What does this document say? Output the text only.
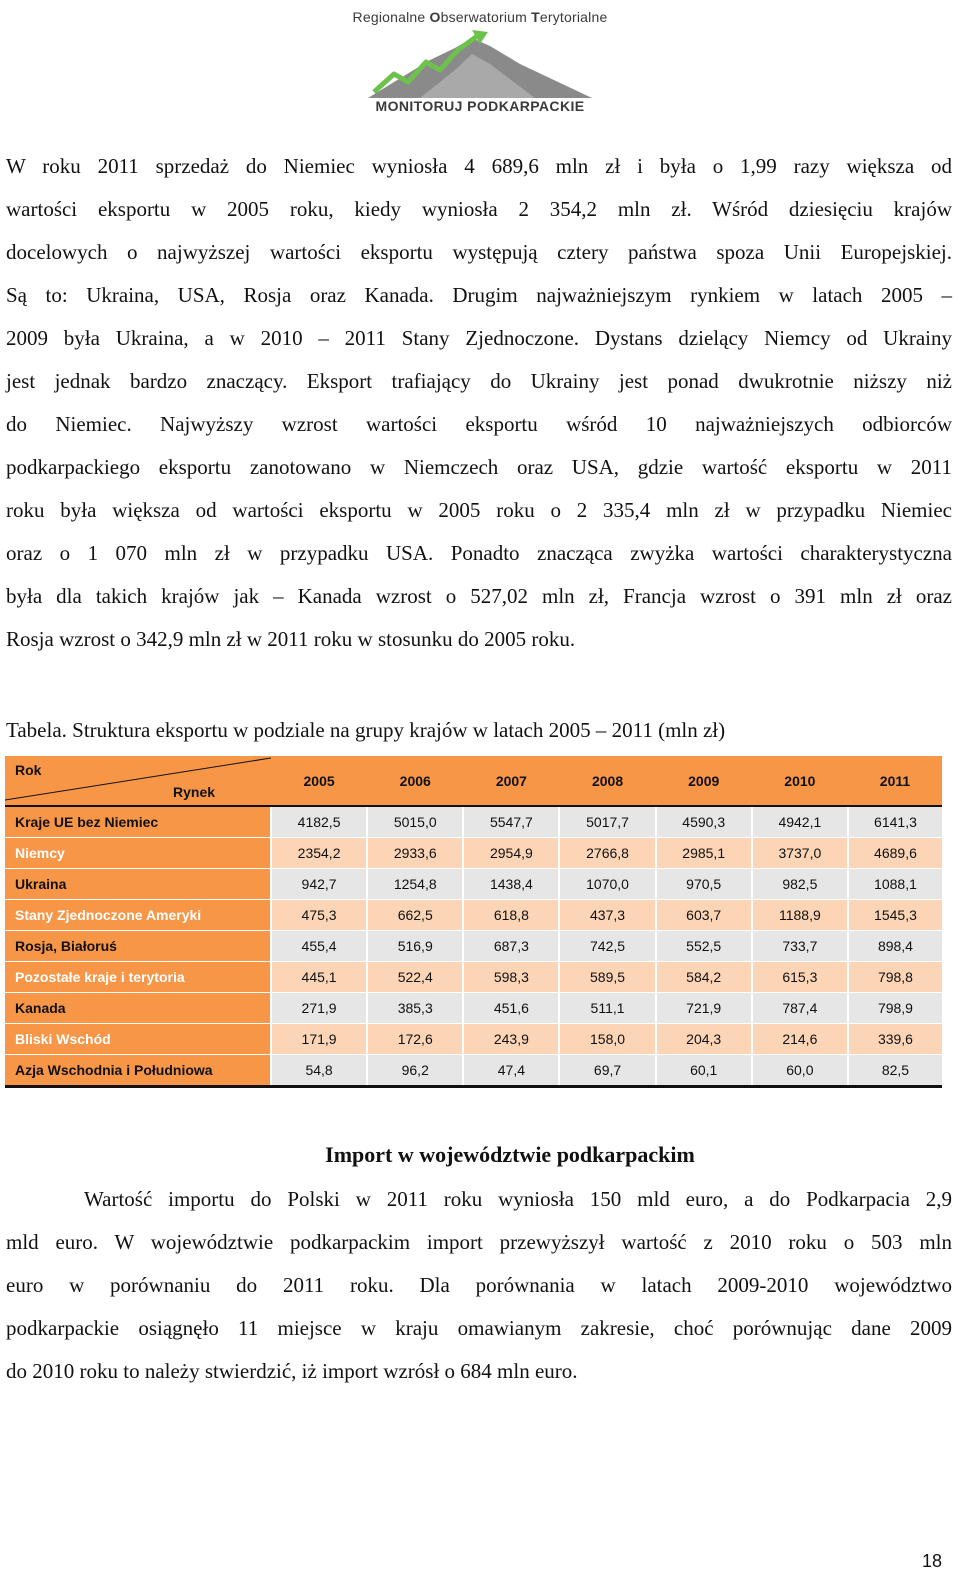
Regionalne Obserwatorium Terytorialne
MONITORUJ PODKARPACKIE
W roku 2011 sprzedaż do Niemiec wyniosła 4 689,6 mln zł i była o 1,99 razy większa od
wartości eksportu w 2005 roku, kiedy wyniosła 2 354,2 mln zł. Wśród dziesięciu krajów
docelowych o najwyższej wartości eksportu występują cztery państwa spoza Unii Europejskiej.
Są to: Ukraina, USA, Rosja oraz Kanada. Drugim najważniejszym rynkiem w latach 2005 –
2009 była Ukraina, a w 2010 – 2011 Stany Zjednoczone. Dystans dzielący Niemcy od Ukrainy
jest jednak bardzo znaczący. Eksport trafiający do Ukrainy jest ponad dwukrotnie niższy niż
do Niemiec. Najwyższy wzrost wartości eksportu wśród 10 najważniejszych odbiorców
podkarpackiego eksportu zanotowano w Niemczech oraz USA, gdzie wartość eksportu w 2011
roku była większa od wartości eksportu w 2005 roku o 2 335,4 mln zł w przypadku Niemiec
oraz o 1 070 mln zł w przypadku USA. Ponadto znacząca zwyżka wartości charakterystyczna
była dla takich krajów jak – Kanada wzrost o 527,02 mln zł, Francja wzrost o 391 mln zł oraz
Rosja wzrost o 342,9 mln zł w 2011 roku w stosunku do 2005 roku.
Tabela. Struktura eksportu w podziale na grupy krajów w latach 2005 – 2011 (mln zł)
Rok
Rynek	2005	2006	2007	2008	2009	2010	2011
Kraje UE bez Niemiec	4182,5	5015,0	5547,7	5017,7	4590,3	4942,1	6141,3
Niemcy	2354,2	2933,6	2954,9	2766,8	2985,1	3737,0	4689,6
Ukraina	942,7	1254,8	1438,4	1070,0	970,5	982,5	1088,1
Stany Zjednoczone Ameryki	475,3	662,5	618,8	437,3	603,7	1188,9	1545,3
Rosja, Białoruś	455,4	516,9	687,3	742,5	552,5	733,7	898,4
Pozostałe kraje i terytoria	445,1	522,4	598,3	589,5	584,2	615,3	798,8
Kanada	271,9	385,3	451,6	511,1	721,9	787,4	798,9
Bliski Wschód	171,9	172,6	243,9	158,0	204,3	214,6	339,6
Azja Wschodnia i Południowa	54,8	96,2	47,4	69,7	60,1	60,0	82,5
Import w województwie podkarpackim
Wartość importu do Polski w 2011 roku wyniosła 150 mld euro, a do Podkarpacia 2,9
mld euro. W województwie podkarpackim import przewyższył wartość z 2010 roku o 503 mln
euro w porównaniu do 2011 roku. Dla porównania w latach 2009-2010 województwo
podkarpackie osiągnęło 11 miejsce w kraju omawianym zakresie, choć porównując dane 2009
do 2010 roku to należy stwierdzić, iż import wzrósł o 684 mln euro.
18
